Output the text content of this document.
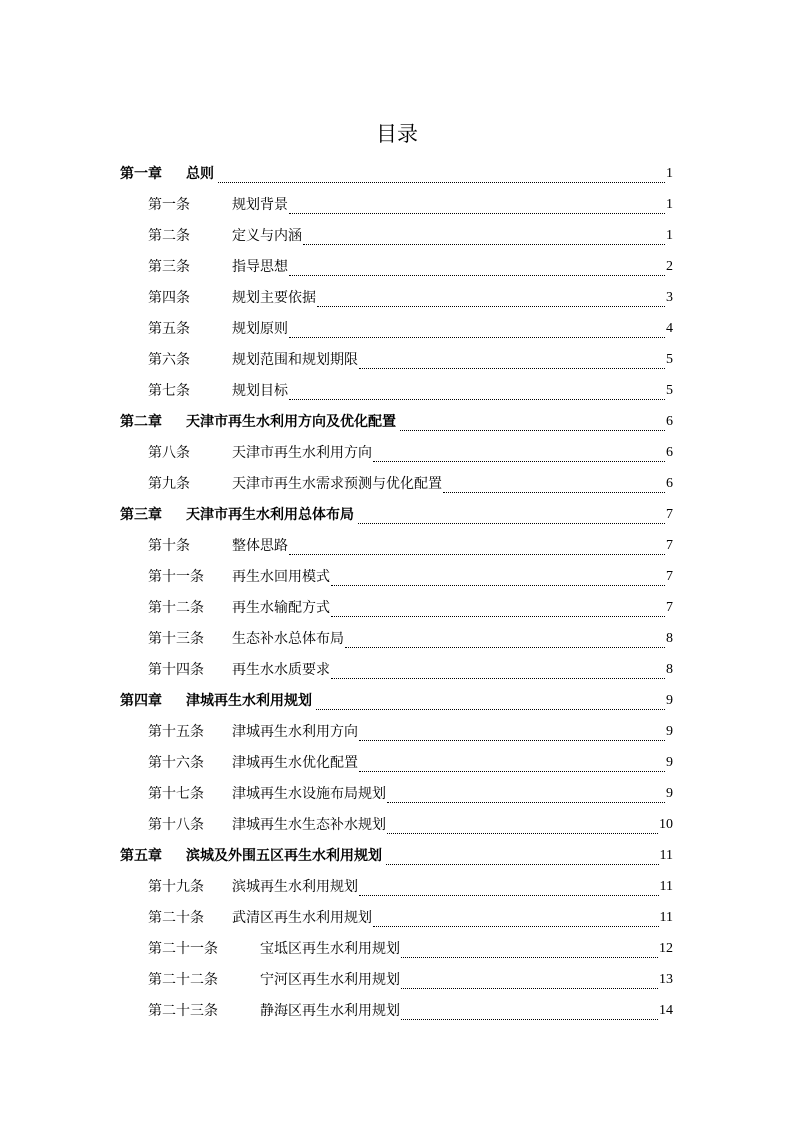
目录
第一章	总则	1
第一条	规划背景	1
第二条	定义与内涵	1
第三条	指导思想	2
第四条	规划主要依据	3
第五条	规划原则	4
第六条	规划范围和规划期限	5
第七条	规划目标	5
第二章	天津市再生水利用方向及优化配置	6
第八条	天津市再生水利用方向	6
第九条	天津市再生水需求预测与优化配置	6
第三章	天津市再生水利用总体布局	7
第十条	整体思路	7
第十一条	再生水回用模式	7
第十二条	再生水输配方式	7
第十三条	生态补水总体布局	8
第十四条	再生水水质要求	8
第四章	津城再生水利用规划	9
第十五条	津城再生水利用方向	9
第十六条	津城再生水优化配置	9
第十七条	津城再生水设施布局规划	9
第十八条	津城再生水生态补水规划	10
第五章	滨城及外围五区再生水利用规划	11
第十九条	滨城再生水利用规划	11
第二十条	武清区再生水利用规划	11
第二十一条	宝坻区再生水利用规划	12
第二十二条	宁河区再生水利用规划	13
第二十三条	静海区再生水利用规划	14
